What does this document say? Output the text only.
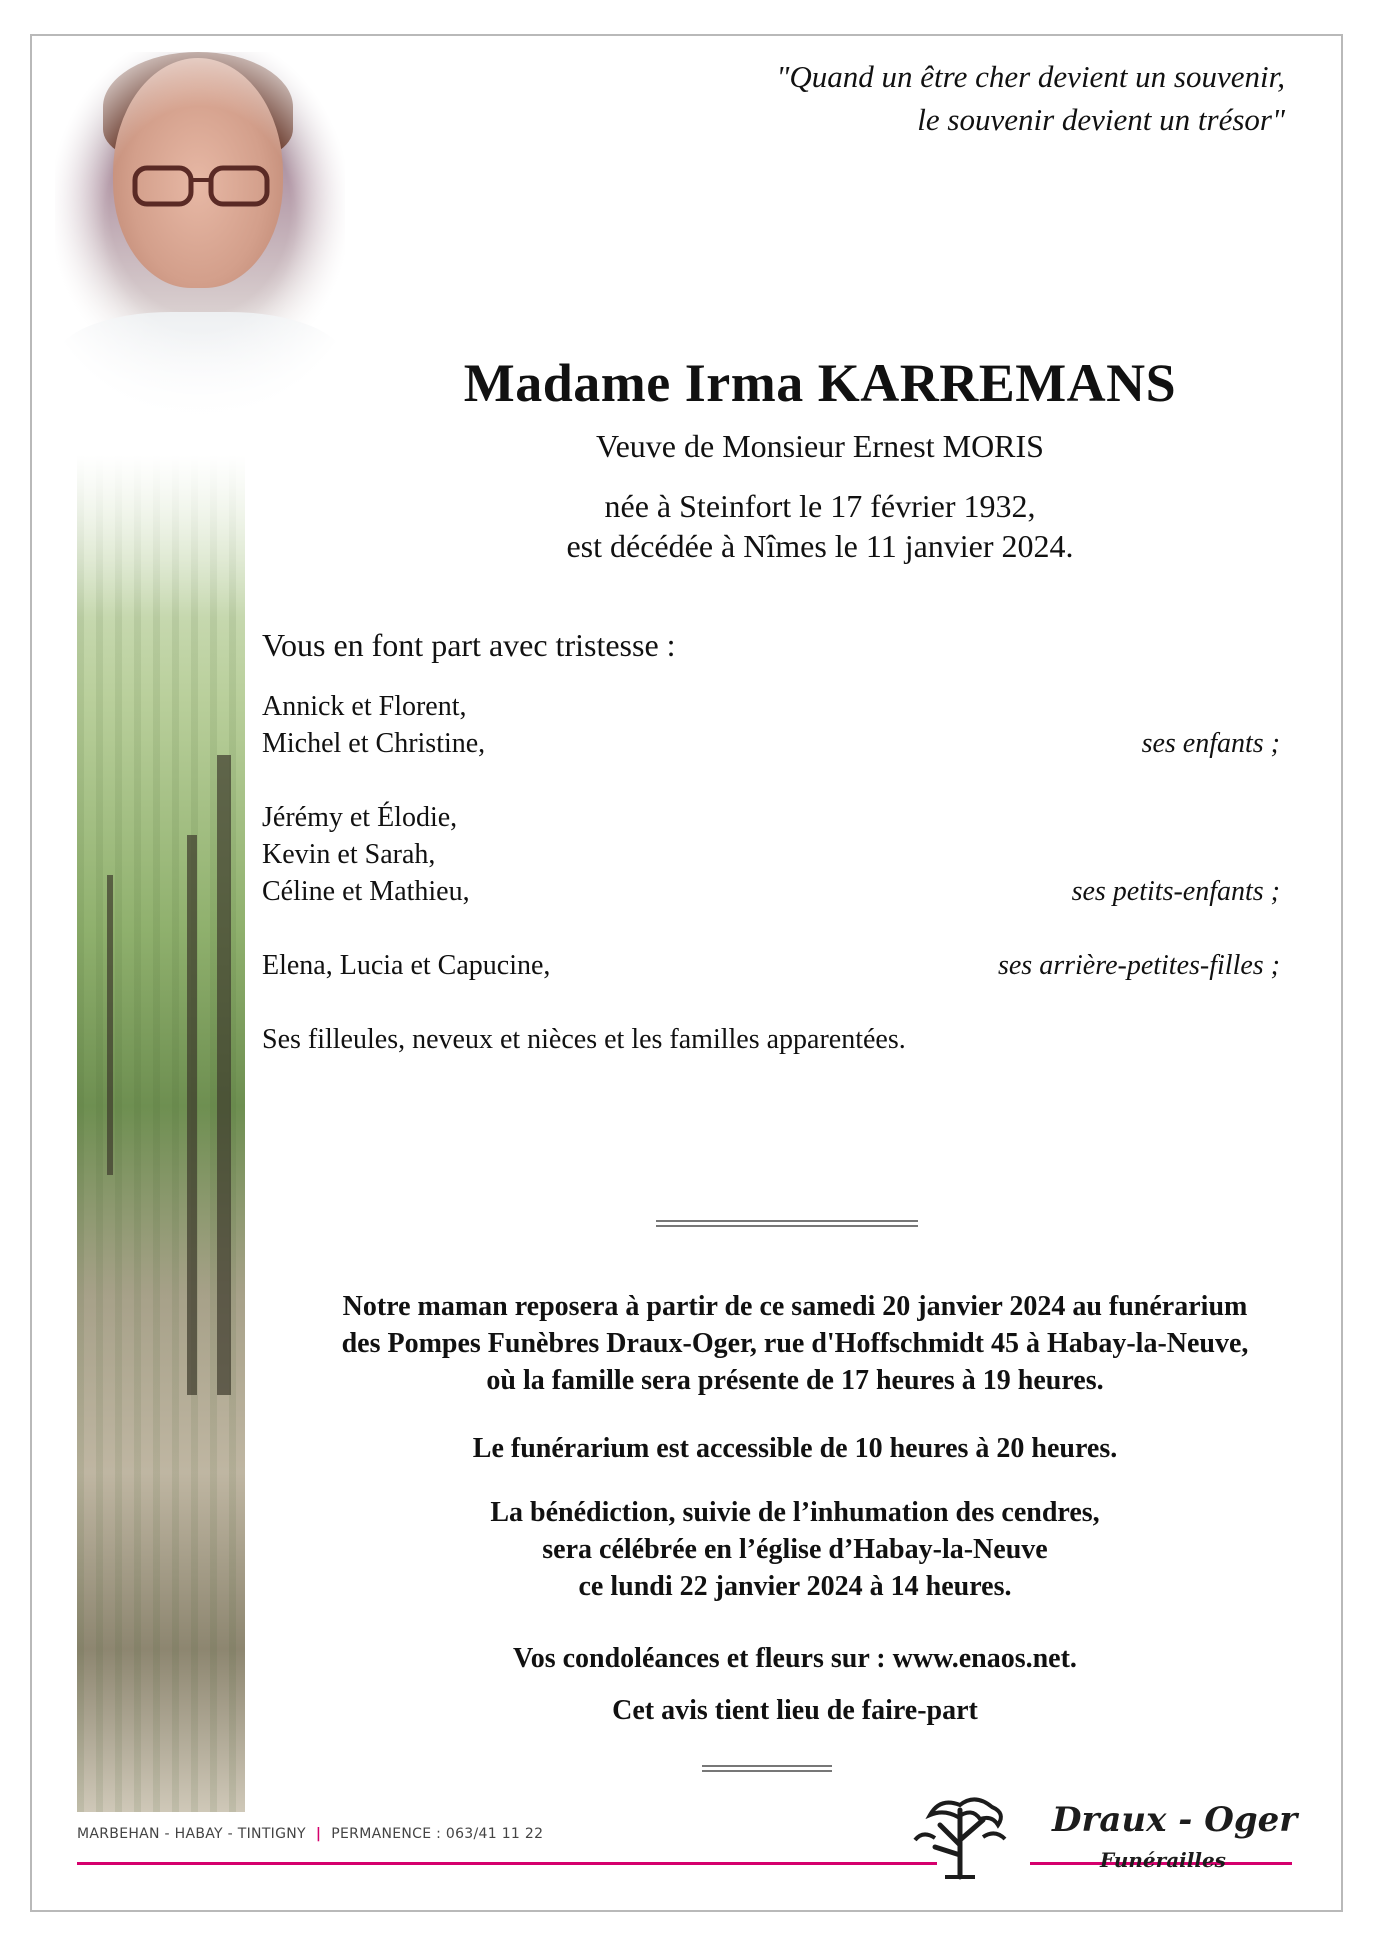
"Quand un être cher devient un souvenir,
le souvenir devient un trésor"
Madame Irma KARREMANS
Veuve de Monsieur Ernest MORIS
née à Steinfort le 17 février 1932,
est décédée à Nîmes le 11 janvier 2024.
Vous en font part avec tristesse :
Annick et Florent,
Michel et Christine,	ses enfants ;
Jérémy et Élodie,
Kevin et Sarah,
Céline et Mathieu,	ses petits-enfants ;
Elena, Lucia et Capucine,	ses arrière-petites-filles ;
Ses filleules, neveux et nièces et les familles apparentées.
Notre maman reposera à partir de ce samedi 20 janvier 2024 au funérarium
des Pompes Funèbres Draux-Oger, rue d'Hoffschmidt 45 à Habay-la-Neuve,
où la famille sera présente de 17 heures à 19 heures.
Le funérarium est accessible de 10 heures à 20 heures.
La bénédiction, suivie de l’inhumation des cendres,
sera célébrée en l’église d’Habay-la-Neuve
ce lundi 22 janvier 2024 à 14 heures.
Vos condoléances et fleurs sur : www.enaos.net.
Cet avis tient lieu de faire-part
MARBEHAN - HABAY - TINTIGNY | PERMANENCE : 063/41 11 22	Draux - Oger
Funérailles
